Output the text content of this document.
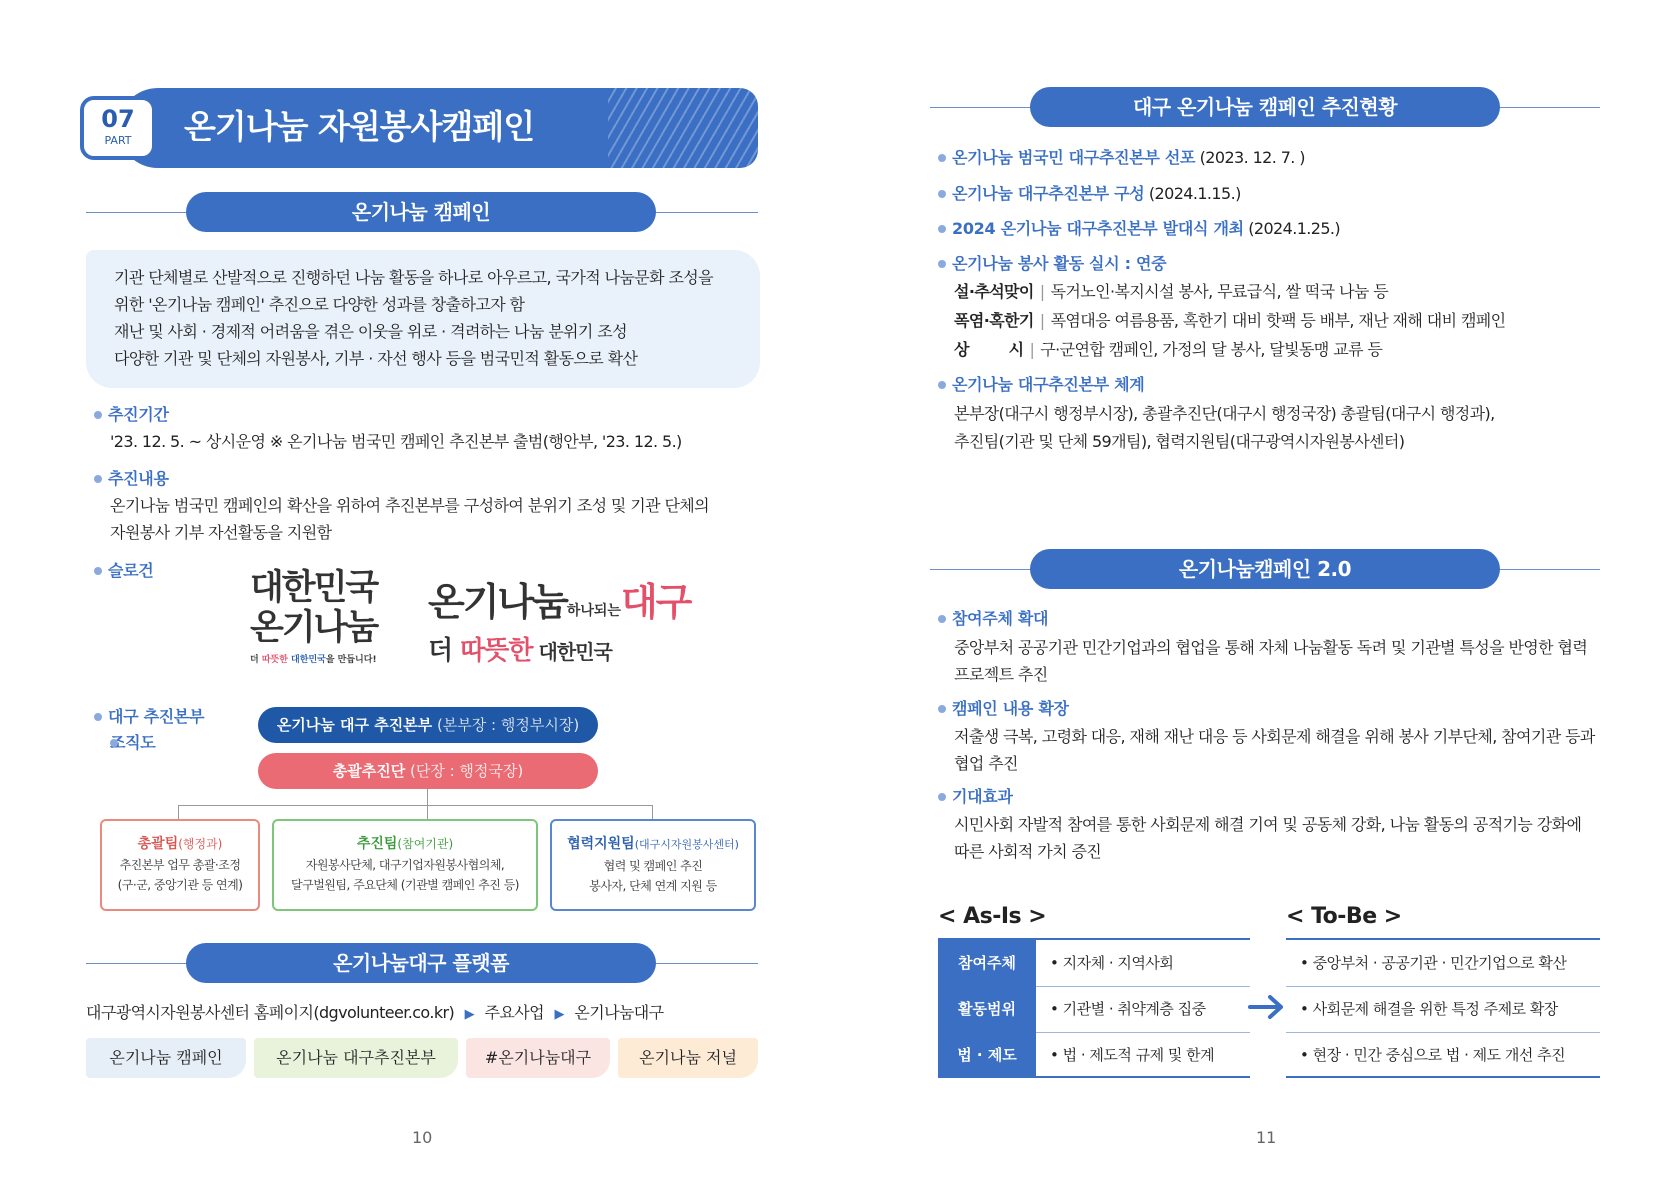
07
PART	온기나눔 자원봉사캠페인
온기나눔 캠페인

기관 단체별로 산발적으로 진행하던 나눔 활동을 하나로 아우르고, 국가적 나눔문화 조성을

위한 '온기나눔 캠페인' 추진으로 다양한 성과를 창출하고자 함

재난 및 사회 · 경제적 어려움을 겪은 이웃을 위로 · 격려하는 나눔 분위기 조성

다양한 기관 및 단체의 자원봉사, 기부 · 자선 행사 등을 범국민적 활동으로 확산

추진기간
'23. 12. 5. ~ 상시운영 ※ 온기나눔 범국민 캠페인 추진본부 출범(행안부, '23. 12. 5.)
추진내용
온기나눔 범국민 캠페인의 확산을 위하여 추진본부를 구성하여 분위기 조성 및 기관 단체의
자원봉사 기부 자선활동을 지원함
슬로건	대한민국
온기나눔
더 따뜻한 대한민국을 만듭니다!
온기나눔하나되는대구
더 따뜻한 대한민국
대구 추진본부
조직도
온기나눔 대구 추진본부 (본부장 : 행정부시장)
총괄추진단 (단장 : 행정국장)
총괄팀(행정과)
추진본부 업무 총괄·조정
(구·군, 중앙기관 등 연계)
추진팀(참여기관)
자원봉사단체, 대구기업자원봉사협의체,
달구벌원팀, 주요단체 (기관별 캠페인 추진 등)
협력지원팀(대구시자원봉사센터)
협력 및 캠페인 추진
봉사자, 단체 연계 지원 등
온기나눔대구 플랫폼
대구광역시자원봉사센터 홈페이지(dgvolunteer.co.kr) ▶ 주요사업 ▶ 온기나눔대구
온기나눔 캠페인	온기나눔 대구추진본부	#온기나눔대구	온기나눔 저널
10
대구 온기나눔 캠페인 추진현황
온기나눔 범국민 대구추진본부 선포 (2023. 12. 7. )
온기나눔 대구추진본부 구성 (2024.1.15.)
2024 온기나눔 대구추진본부 발대식 개최 (2024.1.25.)
온기나눔 봉사 활동 실시 : 연중
설·추석맞이 | 독거노인·복지시설 봉사, 무료급식, 쌀 떡국 나눔 등
폭염·혹한기 | 폭염대응 여름용품, 혹한기 대비 핫팩 등 배부, 재난 재해 대비 캠페인
상        시 | 구·군연합 캠페인, 가정의 달 봉사, 달빛동맹 교류 등
온기나눔 대구추진본부 체계
본부장(대구시 행정부시장), 총괄추진단(대구시 행정국장) 총괄팀(대구시 행정과),
추진팀(기관 및 단체 59개팀), 협력지원팀(대구광역시자원봉사센터)
온기나눔캠페인 2.0
참여주체 확대
중앙부처 공공기관 민간기업과의 협업을 통해 자체 나눔활동 독려 및 기관별 특성을 반영한 협력
프로젝트 추진
캠페인 내용 확장
저출생 극복, 고령화 대응, 재해 재난 대응 등 사회문제 해결을 위해 봉사 기부단체, 참여기관 등과
협업 추진
기대효과
시민사회 자발적 참여를 통한 사회문제 해결 기여 및 공동체 강화, 나눔 활동의 공적기능 강화에
따른 사회적 가치 증진
< As-Is >	< To-Be >
참여주체	• 지자체 · 지역사회	• 중앙부처 · 공공기관 · 민간기업으로 확산
활동범위	• 기관별 · 취약계층 집중	• 사회문제 해결을 위한 특정 주제로 확장
법 · 제도	• 법 · 제도적 규제 및 한계	• 현장 · 민간 중심으로 법 · 제도 개선 추진
11
